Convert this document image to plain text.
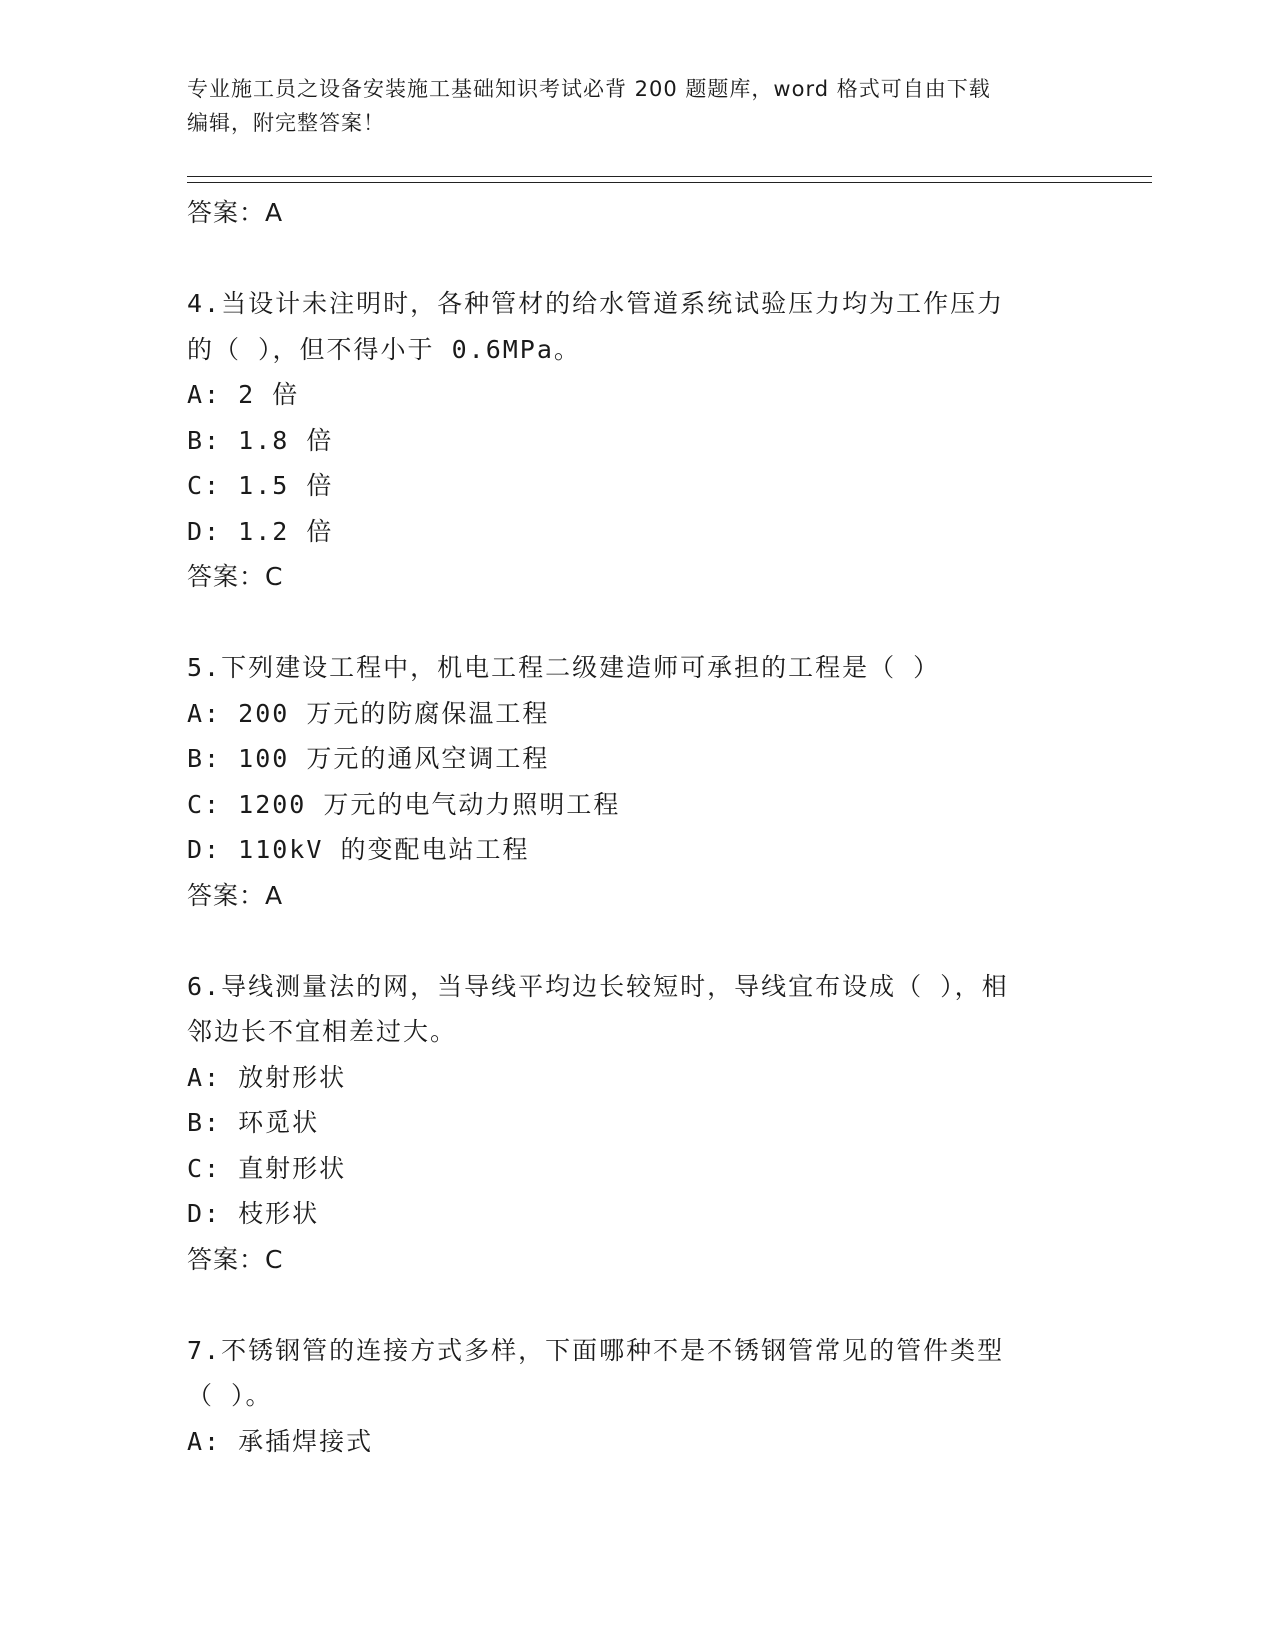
专业施工员之设备安装施工基础知识考试必背 200 题题库，word 格式可自由下载
编辑，附完整答案！

答案：A

4.当设计未注明时，各种管材的给水管道系统试验压力均为工作压力

的（ ），但不得小于 0.6MPa。

A: 2 倍

B: 1.8 倍

C: 1.5 倍

D: 1.2 倍

答案：C

5.下列建设工程中，机电工程二级建造师可承担的工程是（ ）

A: 200 万元的防腐保温工程

B: 100 万元的通风空调工程

C: 1200 万元的电气动力照明工程

D: 110kV 的变配电站工程

答案：A

6.导线测量法的网，当导线平均边长较短时，导线宜布设成（ ），相

邻边长不宜相差过大。

A: 放射形状

B: 环觅状

C: 直射形状

D: 枝形状

答案：C

7.不锈钢管的连接方式多样，下面哪种不是不锈钢管常见的管件类型

（ ）。

A: 承插焊接式
